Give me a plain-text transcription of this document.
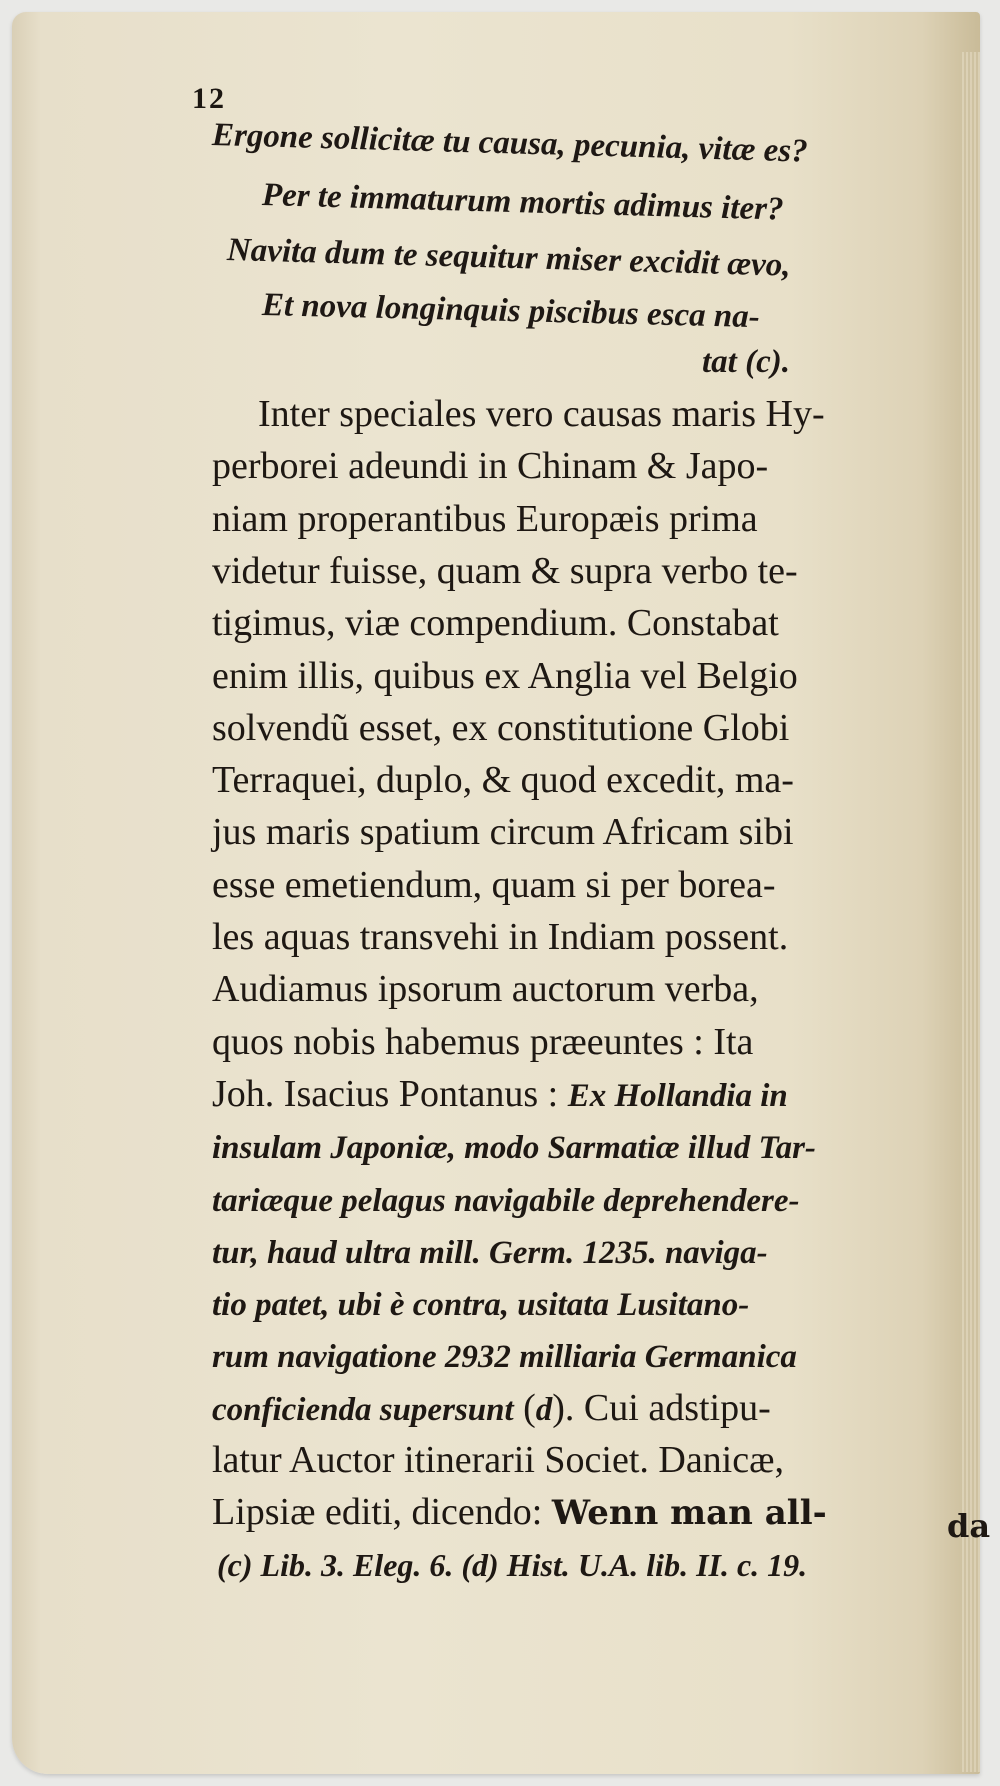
12
Ergone sollicitæ tu causa, pecunia, vitæ es?
Per te immaturum mortis adimus iter?
Navita dum te sequitur miser excidit ævo,
Et nova longinquis piscibus esca na-
tat (c).
Inter speciales vero causas maris Hy-
perborei adeundi in Chinam & Japo-
niam properantibus Europæis prima
videtur fuisse, quam & supra verbo te-
tigimus, viæ compendium. Constabat
enim illis, quibus ex Anglia vel Belgio
solvendũ esset, ex constitutione Globi
Terraquei, duplo, & quod excedit, ma-
jus maris spatium circum Africam sibi
esse emetiendum, quam si per borea-
les aquas transvehi in Indiam possent.
Audiamus ipsorum auctorum verba,
quos nobis habemus præeuntes : Ita
Joh. Isacius Pontanus : Ex Hollandia in
insulam Japoniæ, modo Sarmatiæ illud Tar-
tariæque pelagus navigabile deprehendere-
tur, haud ultra mill. Germ. 1235. naviga-
tio patet, ubi è contra, usitata Lusitano-
rum navigatione 2932 milliaria Germanica
conficienda supersunt (d). Cui adstipu-
latur Auctor itinerarii Societ. Danicæ,
Lipsiæ editi, dicendo: Wenn man all-	da
(c) Lib. 3. Eleg. 6. (d) Hist. U.A. lib. II. c. 19.
